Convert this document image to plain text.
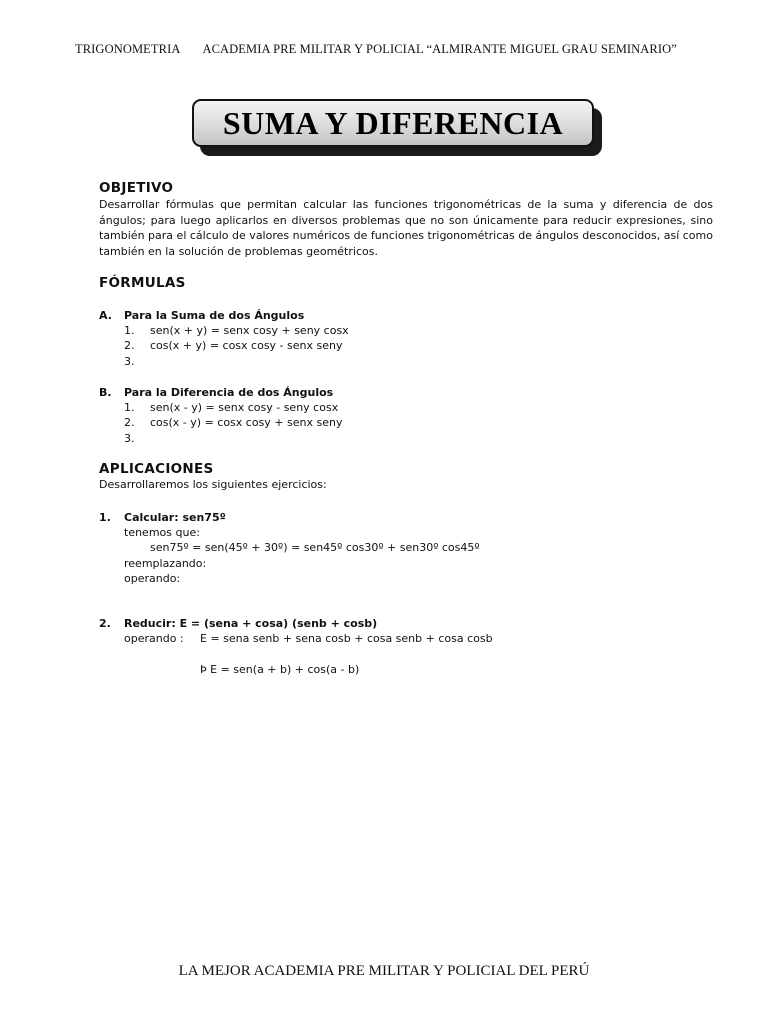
TRIGONOMETRIA ACADEMIA PRE MILITAR Y POLICIAL “ALMIRANTE MIGUEL GRAU SEMINARIO”
SUMA Y DIFERENCIA
OBJETIVO
Desarrollar fórmulas que permitan calcular las funciones trigonométricas de la suma y diferencia de dos ángulos; para luego aplicarlos en diversos problemas que no son únicamente para reducir expresiones, sino también para el cálculo de valores numéricos de funciones trigonométricas de ángulos desconocidos, así como también en la solución de problemas geométricos.
FÓRMULAS
A. Para la Suma de dos Ángulos
1. sen(x + y) = senx cosy + seny cosx
2. cos(x + y) = cosx cosy - senx seny
3.
B. Para la Diferencia de dos Ángulos
1. sen(x - y) = senx cosy - seny cosx
2. cos(x - y) = cosx cosy + senx seny
3.
APLICACIONES
Desarrollaremos los siguientes ejercicios:
1. Calcular: sen75º
tenemos que:
sen75º = sen(45º + 30º) = sen45º cos30º + sen30º cos45º
reemplazando:
operando:
2. Reducir: E = (sena + cosa) (senb + cosb)
operando : E = sena senb + sena cosb + cosa senb + cosa cosb
Þ E = sen(a + b) + cos(a - b)
LA MEJOR ACADEMIA PRE MILITAR Y POLICIAL DEL PERÚ
